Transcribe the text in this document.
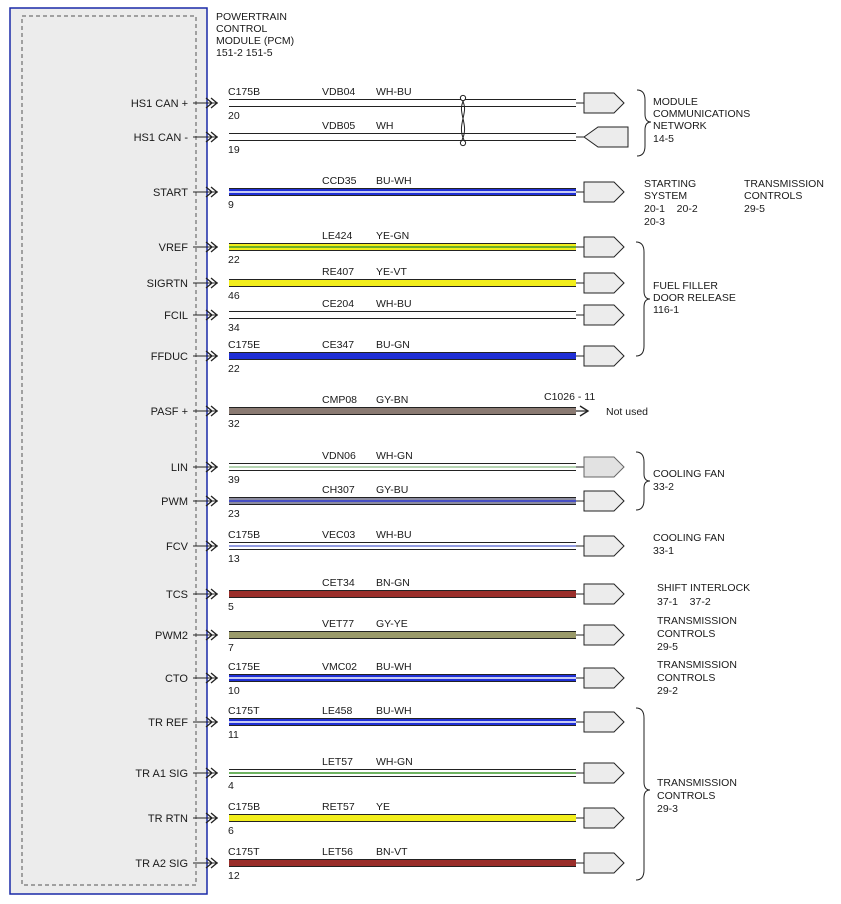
POWERTRAIN
CONTROL
MODULE (PCM)
151-2 151-5
HS1 CAN +
C175B	VDB04 WH-BU
20
HS1 CAN -
VDB05 WH
19
START
CCD35 BU-WH
9
VREF
LE424 YE-GN
22
SIGRTN
RE407 YE-VT
46
FCIL
CE204 WH-BU
34
FFDUC
C175E	CE347 BU-GN
22
PASF +
CMP08 GY-BN
32
LIN
VDN06 WH-GN
39
PWM
CH307 GY-BU
23
FCV
C175B	VEC03 WH-BU
13
TCS
CET34 BN-GN
5
PWM2
VET77 GY-YE
7
CTO
C175E	VMC02 BU-WH
10
TR REF
C175T	LE458 BU-WH
11
TR A1 SIG
LET57 WH-GN
4
TR RTN
C175B	RET57 YE
6
TR A2 SIG
C175T	LET56 BN-VT
12
MODULE
COMMUNICATIONS
NETWORK
14-5
STARTING
SYSTEM
20-1    20-2
20-3
TRANSMISSION
CONTROLS
29-5
FUEL FILLER
DOOR RELEASE
116-1
COOLING FAN
33-2
COOLING FAN
33-1
SHIFT INTERLOCK
37-1    37-2
TRANSMISSION
CONTROLS
29-5
TRANSMISSION
CONTROLS
29-2
TRANSMISSION
CONTROLS
29-3
C1026 - 11
Not used
